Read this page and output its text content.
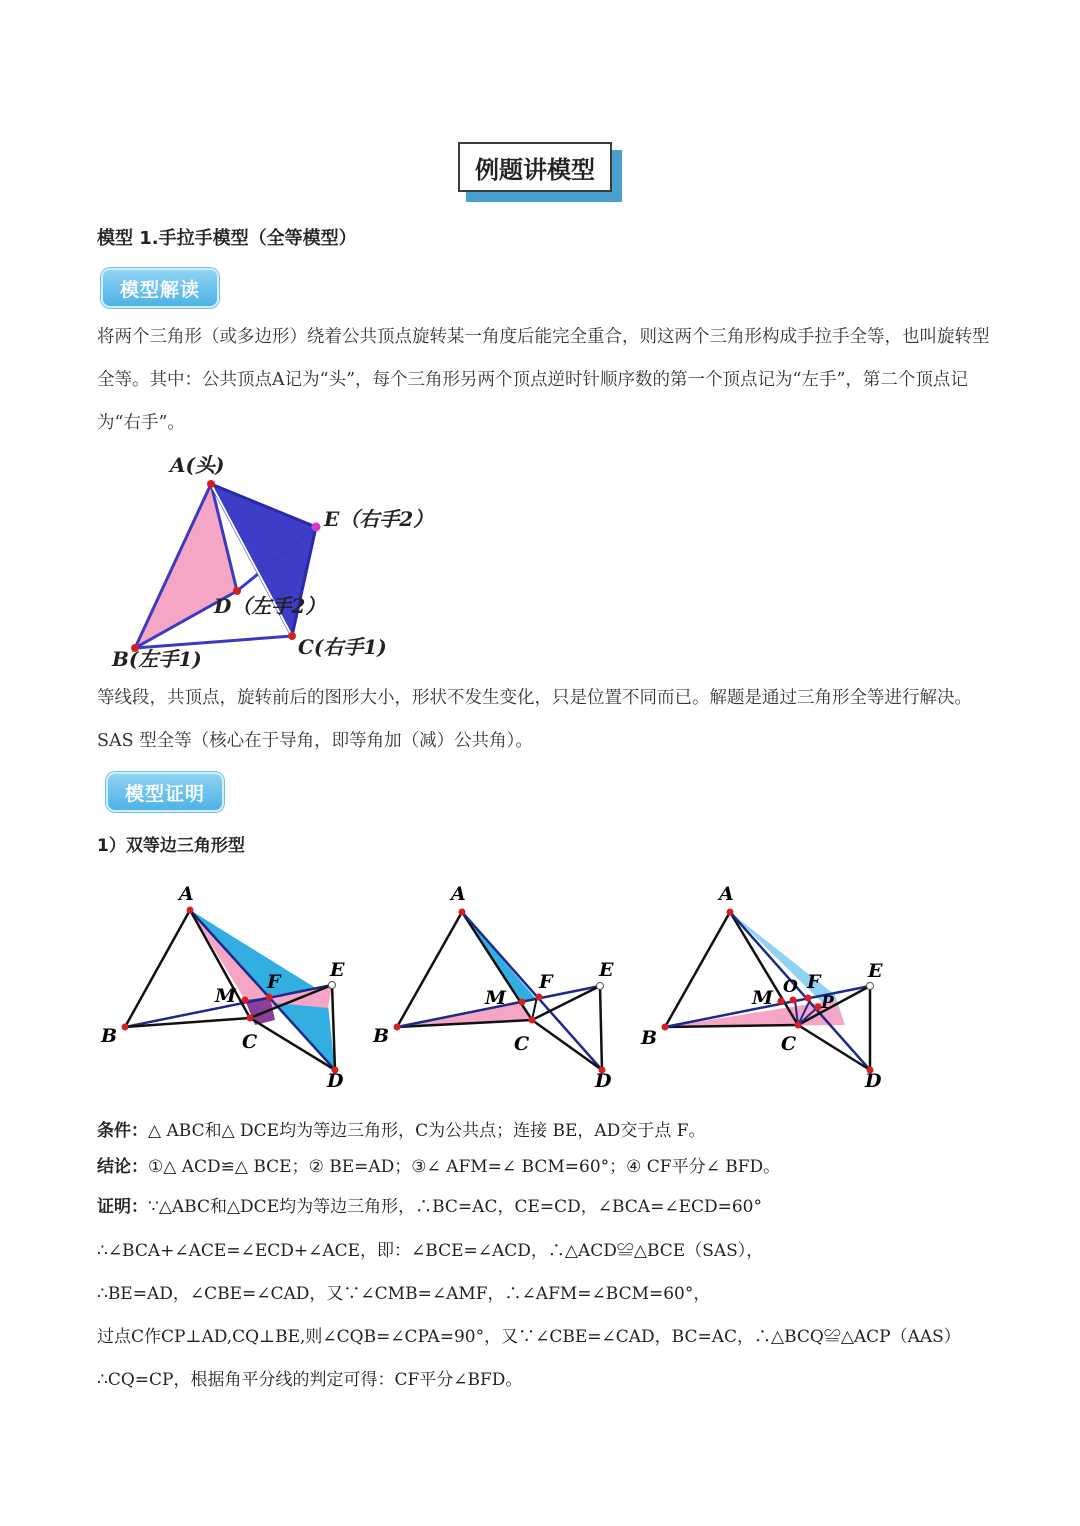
例题讲模型
模型 1.手拉手模型（全等模型）
模型解读
将两个三角形（或多边形）绕着公共顶点旋转某一角度后能完全重合，则这两个三角形构成手拉手全等，也叫旋转型全等。其中：公共顶点A记为“头”，每个三角形另两个顶点逆时针顺序数的第一个顶点记为“左手”，第二个顶点记为“右手”。
A(头)
E（右手2）
D（左手2）
C(右手1)
B(左手1)
等线段，共顶点，旋转前后的图形大小，形状不发生变化，只是位置不同而已。解题是通过三角形全等进行解决。SAS 型全等（核心在于导角，即等角加（减）公共角）。
模型证明
1）双等边三角形型
A
B	C
D
E
F
M
A
B	C
D
E
F
M
A
B	C
D
E
F
M O
P
条件：△ ABC和△ DCE均为等边三角形，C为公共点；连接 BE，AD交于点 F。
结论：①△ ACD≌△ BCE；② BE=AD；③∠ AFM=∠ BCM=60°；④ CF平分∠ BFD。
证明：∵△ABC和△DCE均为等边三角形，∴BC=AC，CE=CD，∠BCA=∠ECD=60°
∴∠BCA+∠ACE=∠ECD+∠ACE，即：∠BCE=∠ACD，∴△ACD≌△BCE（SAS），
∴BE=AD，∠CBE=∠CAD，又∵∠CMB=∠AMF，∴∠AFM=∠BCM=60°，
过点C作CP⊥AD,CQ⊥BE,则∠CQB=∠CPA=90°，又∵∠CBE=∠CAD，BC=AC，∴△BCQ≌△ACP（AAS）
∴CQ=CP，根据角平分线的判定可得：CF平分∠BFD。
